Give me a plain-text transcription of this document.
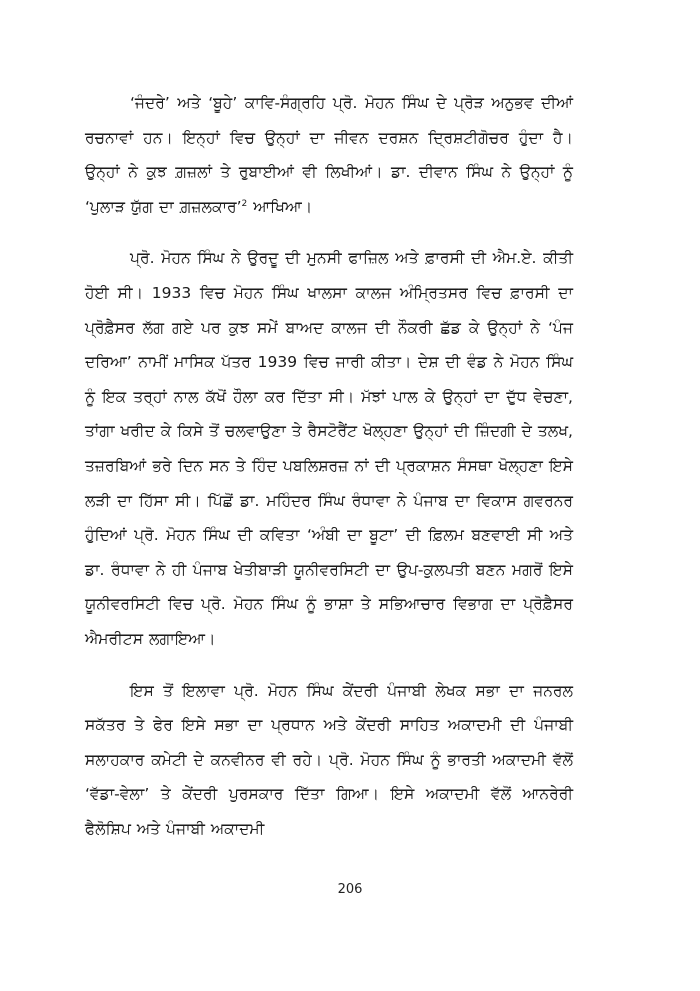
‘ਜੰਦਰੇ’ ਅਤੇ ‘ਬੂਹੇ’ ਕਾਵਿ-ਸੰਗ੍ਰਹਿ ਪ੍ਰੋ. ਮੋਹਨ ਸਿੰਘ ਦੇ ਪ੍ਰੋੜ ਅਨੁਭਵ ਦੀਆਂ ਰਚਨਾਵਾਂ ਹਨ। ਇਨ੍ਹਾਂ ਵਿਚ ਉਨ੍ਹਾਂ ਦਾ ਜੀਵਨ ਦਰਸ਼ਨ ਦ੍ਰਿਸ਼ਟੀਗੋਚਰ ਹੁੰਦਾ ਹੈ। ਉਨ੍ਹਾਂ ਨੇ ਕੁਝ ਗ਼ਜ਼ਲਾਂ ਤੇ ਰੁਬਾਈਆਂ ਵੀ ਲਿਖੀਆਂ। ਡਾ. ਦੀਵਾਨ ਸਿੰਘ ਨੇ ਉਨ੍ਹਾਂ ਨੂੰ ‘ਪੁਲਾੜ ਯੁੱਗ ਦਾ ਗ਼ਜ਼ਲਕਾਰ’$^2$ ਆਖਿਆ।

ਪ੍ਰੋ. ਮੋਹਨ ਸਿੰਘ ਨੇ ਉਰਦੂ ਦੀ ਮੁਨਸੀ ਫਾਜ਼ਿਲ ਅਤੇ ਫ਼ਾਰਸੀ ਦੀ ਐਮ.ਏ. ਕੀਤੀ ਹੋਈ ਸੀ। 1933 ਵਿਚ ਮੋਹਨ ਸਿੰਘ ਖਾਲਸਾ ਕਾਲਜ ਅੰਮ੍ਰਿਤਸਰ ਵਿਚ ਫ਼ਾਰਸੀ ਦਾ ਪ੍ਰੋਫ਼ੈਸਰ ਲੱਗ ਗਏ ਪਰ ਕੁਝ ਸਮੇਂ ਬਾਅਦ ਕਾਲਜ ਦੀ ਨੌਕਰੀ ਛੱਡ ਕੇ ਉਨ੍ਹਾਂ ਨੇ ‘ਪੰਜ ਦਰਿਆ’ ਨਾਮੀਂ ਮਾਸਿਕ ਪੱਤਰ 1939 ਵਿਚ ਜਾਰੀ ਕੀਤਾ। ਦੇਸ਼ ਦੀ ਵੰਡ ਨੇ ਮੋਹਨ ਸਿੰਘ ਨੂੰ ਇਕ ਤਰ੍ਹਾਂ ਨਾਲ ਕੱਖੋਂ ਹੌਲਾ ਕਰ ਦਿੱਤਾ ਸੀ। ਮੱਝਾਂ ਪਾਲ ਕੇ ਉਨ੍ਹਾਂ ਦਾ ਦੁੱਧ ਵੇਚਣਾ, ਤਾਂਗਾ ਖਰੀਦ ਕੇ ਕਿਸੇ ਤੋਂ ਚਲਵਾਉਣਾ ਤੇ ਰੈਸਟੋਰੈਂਟ ਖੋਲ੍ਹਣਾ ਉਨ੍ਹਾਂ ਦੀ ਜ਼ਿੰਦਗੀ ਦੇ ਤਲਖ, ਤਜ਼ਰਬਿਆਂ ਭਰੇ ਦਿਨ ਸਨ ਤੇ ਹਿੰਦ ਪਬਲਿਸ਼ਰਜ਼ ਨਾਂ ਦੀ ਪ੍ਰਕਾਸ਼ਨ ਸੰਸਥਾ ਖੋਲ੍ਹਣਾ ਇਸੇ ਲੜੀ ਦਾ ਹਿੱਸਾ ਸੀ। ਪਿੱਛੋਂ ਡਾ. ਮਹਿੰਦਰ ਸਿੰਘ ਰੰਧਾਵਾ ਨੇ ਪੰਜਾਬ ਦਾ ਵਿਕਾਸ ਗਵਰਨਰ ਹੁੰਦਿਆਂ ਪ੍ਰੋ. ਮੋਹਨ ਸਿੰਘ ਦੀ ਕਵਿਤਾ ‘ਅੰਬੀ ਦਾ ਬੂਟਾ’ ਦੀ ਫ਼ਿਲਮ ਬਣਵਾਈ ਸੀ ਅਤੇ ਡਾ. ਰੰਧਾਵਾ ਨੇ ਹੀ ਪੰਜਾਬ ਖੇਤੀਬਾੜੀ ਯੂਨੀਵਰਸਿਟੀ ਦਾ ਉਪ-ਕੁਲਪਤੀ ਬਣਨ ਮਗਰੋਂ ਇਸੇ ਯੂਨੀਵਰਸਿਟੀ ਵਿਚ ਪ੍ਰੋ. ਮੋਹਨ ਸਿੰਘ ਨੂੰ ਭਾਸ਼ਾ ਤੇ ਸਭਿਆਚਾਰ ਵਿਭਾਗ ਦਾ ਪ੍ਰੋਫ਼ੈਸਰ ਐਮਰੀਟਸ ਲਗਾਇਆ।

ਇਸ ਤੋਂ ਇਲਾਵਾ ਪ੍ਰੋ. ਮੋਹਨ ਸਿੰਘ ਕੇਂਦਰੀ ਪੰਜਾਬੀ ਲੇਖਕ ਸਭਾ ਦਾ ਜਨਰਲ ਸਕੱਤਰ ਤੇ ਫੇਰ ਇਸੇ ਸਭਾ ਦਾ ਪ੍ਰਧਾਨ ਅਤੇ ਕੇਂਦਰੀ ਸਾਹਿਤ ਅਕਾਦਮੀ ਦੀ ਪੰਜਾਬੀ ਸਲਾਹਕਾਰ ਕਮੇਟੀ ਦੇ ਕਨਵੀਨਰ ਵੀ ਰਹੇ। ਪ੍ਰੋ. ਮੋਹਨ ਸਿੰਘ ਨੂੰ ਭਾਰਤੀ ਅਕਾਦਮੀ ਵੱਲੋਂ ‘ਵੱਡਾ-ਵੇਲਾ’ ਤੇ ਕੇਂਦਰੀ ਪੁਰਸਕਾਰ ਦਿੱਤਾ ਗਿਆ। ਇਸੇ ਅਕਾਦਮੀ ਵੱਲੋਂ ਆਨਰੇਰੀ ਫੈਲੋਸ਼ਿਪ ਅਤੇ ਪੰਜਾਬੀ ਅਕਾਦਮੀ

206
